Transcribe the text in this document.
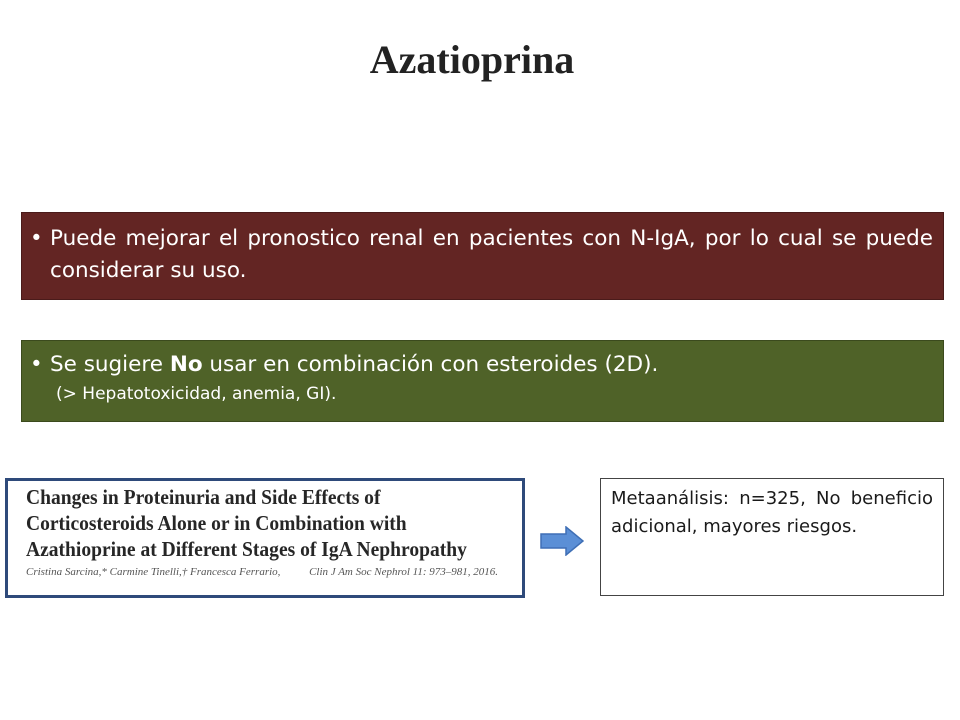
Azatioprina
• Puede mejorar el pronostico renal en pacientes con N-IgA, por lo cual se puede considerar su uso.
• Se sugiere No usar en combinación con esteroides (2D).
(> Hepatotoxicidad, anemia, GI).
Changes in Proteinuria and Side Effects of
Corticosteroids Alone or in Combination with
Azathioprine at Different Stages of IgA Nephropathy
Cristina Sarcina,* Carmine Tinelli,† Francesca Ferrario,	Clin J Am Soc Nephrol 11: 973–981, 2016.
Metaanálisis: n=325, No beneficio adicional, mayores riesgos.
